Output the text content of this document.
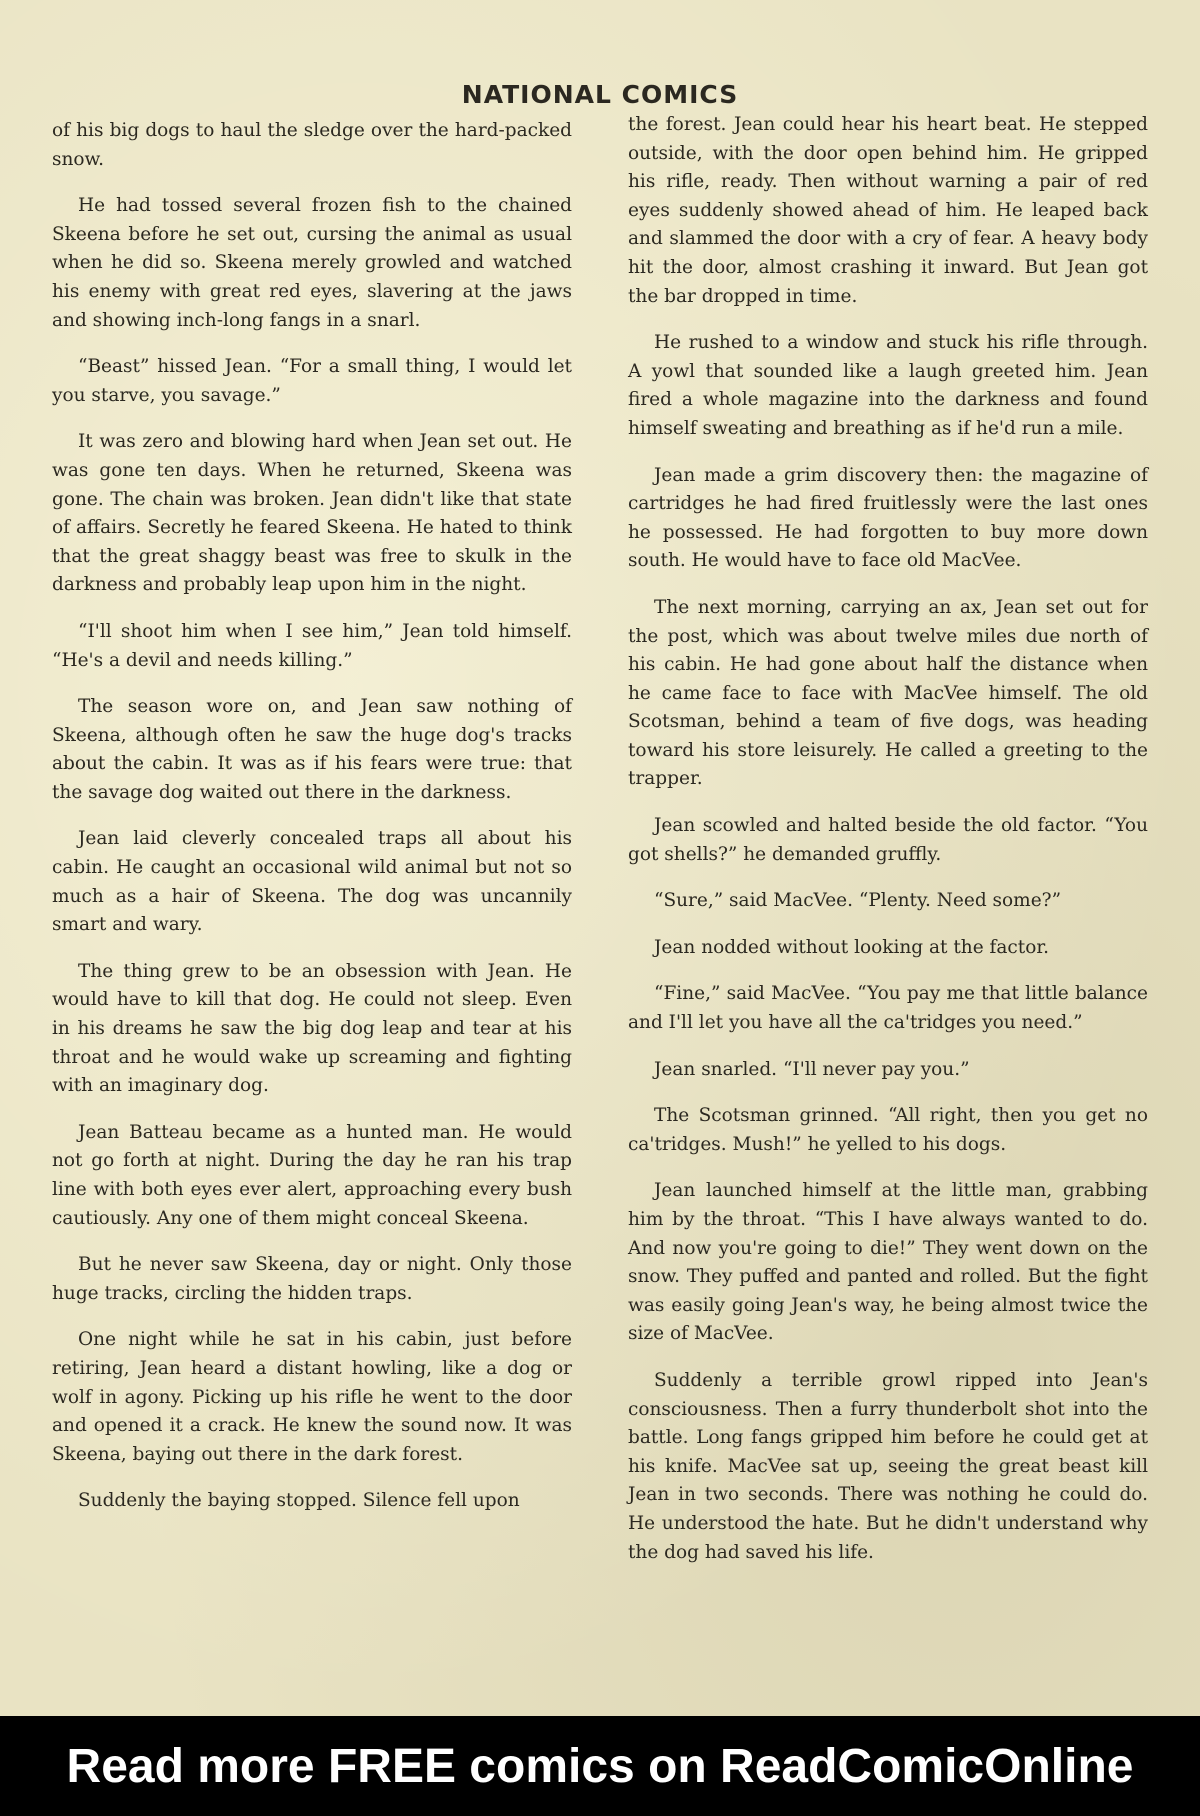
NATIONAL COMICS

of his big dogs to haul the sledge over the hard-packed snow.

He had tossed several frozen fish to the chained Skeena before he set out, cursing the animal as usual when he did so. Skeena merely growled and watched his enemy with great red eyes, slavering at the jaws and showing inch-long fangs in a snarl.

“Beast” hissed Jean. “For a small thing, I would let you starve, you savage.”

It was zero and blowing hard when Jean set out. He was gone ten days. When he returned, Skeena was gone. The chain was broken. Jean didn't like that state of affairs. Secretly he feared Skeena. He hated to think that the great shaggy beast was free to skulk in the darkness and probably leap upon him in the night.

“I'll shoot him when I see him,” Jean told himself. “He's a devil and needs killing.”

The season wore on, and Jean saw nothing of Skeena, although often he saw the huge dog's tracks about the cabin. It was as if his fears were true: that the savage dog waited out there in the darkness.

Jean laid cleverly concealed traps all about his cabin. He caught an occasional wild animal but not so much as a hair of Skeena. The dog was uncannily smart and wary.

The thing grew to be an obsession with Jean. He would have to kill that dog. He could not sleep. Even in his dreams he saw the big dog leap and tear at his throat and he would wake up screaming and fighting with an imaginary dog.

Jean Batteau became as a hunted man. He would not go forth at night. During the day he ran his trap line with both eyes ever alert, approaching every bush cautiously. Any one of them might conceal Skeena.

But he never saw Skeena, day or night. Only those huge tracks, circling the hidden traps.

One night while he sat in his cabin, just before retiring, Jean heard a distant howling, like a dog or wolf in agony. Picking up his rifle he went to the door and opened it a crack. He knew the sound now. It was Skeena, baying out there in the dark forest.

Suddenly the baying stopped. Silence fell upon

the forest. Jean could hear his heart beat. He stepped outside, with the door open behind him. He gripped his rifle, ready. Then without warning a pair of red eyes suddenly showed ahead of him. He leaped back and slammed the door with a cry of fear. A heavy body hit the door, almost crashing it inward. But Jean got the bar dropped in time.

He rushed to a window and stuck his rifle through. A yowl that sounded like a laugh greeted him. Jean fired a whole magazine into the darkness and found himself sweating and breathing as if he'd run a mile.

Jean made a grim discovery then: the magazine of cartridges he had fired fruitlessly were the last ones he possessed. He had forgotten to buy more down south. He would have to face old MacVee.

The next morning, carrying an ax, Jean set out for the post, which was about twelve miles due north of his cabin. He had gone about half the distance when he came face to face with MacVee himself. The old Scotsman, behind a team of five dogs, was heading toward his store leisurely. He called a greeting to the trapper.

Jean scowled and halted beside the old factor. “You got shells?” he demanded gruffly.

“Sure,” said MacVee. “Plenty. Need some?”

Jean nodded without looking at the factor.

“Fine,” said MacVee. “You pay me that little balance and I'll let you have all the ca'tridges you need.”

Jean snarled. “I'll never pay you.”

The Scotsman grinned. “All right, then you get no ca'tridges. Mush!” he yelled to his dogs.

Jean launched himself at the little man, grabbing him by the throat. “This I have always wanted to do. And now you're going to die!” They went down on the snow. They puffed and panted and rolled. But the fight was easily going Jean's way, he being almost twice the size of MacVee.

Suddenly a terrible growl ripped into Jean's consciousness. Then a furry thunderbolt shot into the battle. Long fangs gripped him before he could get at his knife. MacVee sat up, seeing the great beast kill Jean in two seconds. There was nothing he could do. He understood the hate. But he didn't understand why the dog had saved his life.

Read more FREE comics on ReadComicOnline
